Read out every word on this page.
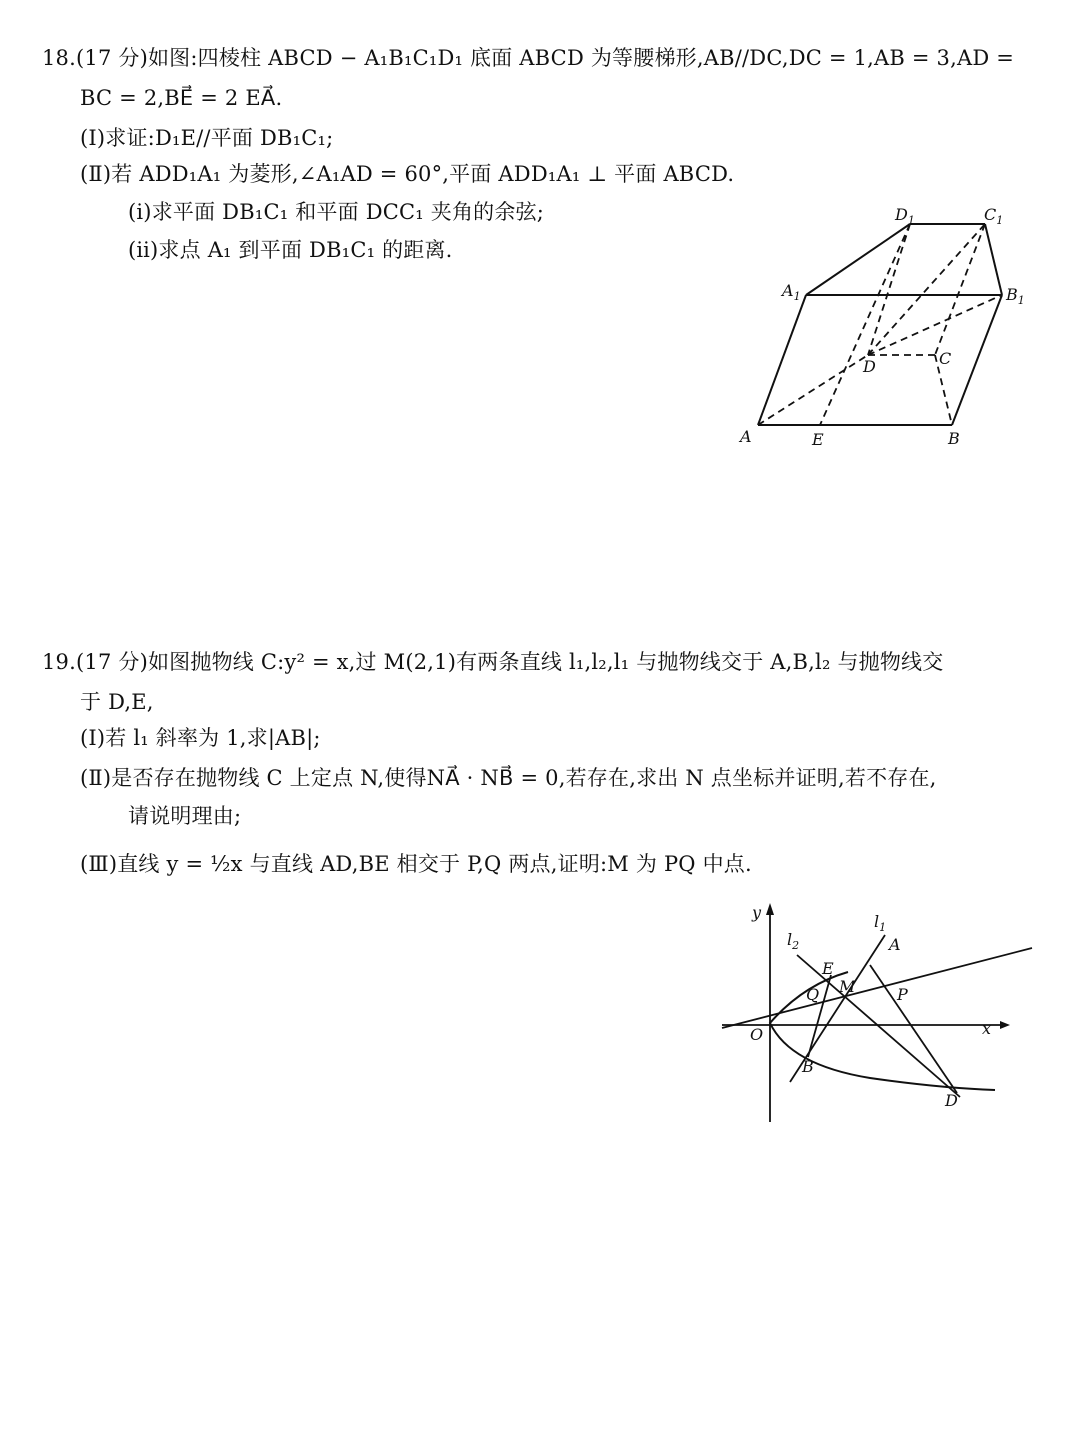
18.(17 分)如图:四棱柱 ABCD − A₁B₁C₁D₁ 底面 ABCD 为等腰梯形,AB//DC,DC = 1,AB = 3,AD =
BC = 2,BE⃗ = 2 EA⃗.
(Ⅰ)求证:D₁E//平面 DB₁C₁;
(Ⅱ)若 ADD₁A₁ 为菱形,∠A₁AD = 60°,平面 ADD₁A₁ ⊥ 平面 ABCD.
(ⅰ)求平面 DB₁C₁ 和平面 DCC₁ 夹角的余弦;
(ⅱ)求点 A₁ 到平面 DB₁C₁ 的距离.
$D_1$	$C_1$
$A_1$	$B_1$
D	C
A	E	B
19.(17 分)如图抛物线 C:y² = x,过 M(2,1)有两条直线 l₁,l₂,l₁ 与抛物线交于 A,B,l₂ 与抛物线交
于 D,E,
(Ⅰ)若 l₁ 斜率为 1,求|AB|;
(Ⅱ)是否存在抛物线 C 上定点 N,使得NA⃗ · NB⃗ = 0,若存在,求出 N 点坐标并证明,若不存在,
请说明理由;
(Ⅲ)直线 y = ½x 与直线 AD,BE 相交于 P,Q 两点,证明:M 为 PQ 中点.
y
x
O
$l_2$
$l_1$
A
E
Q M	P
B
D
